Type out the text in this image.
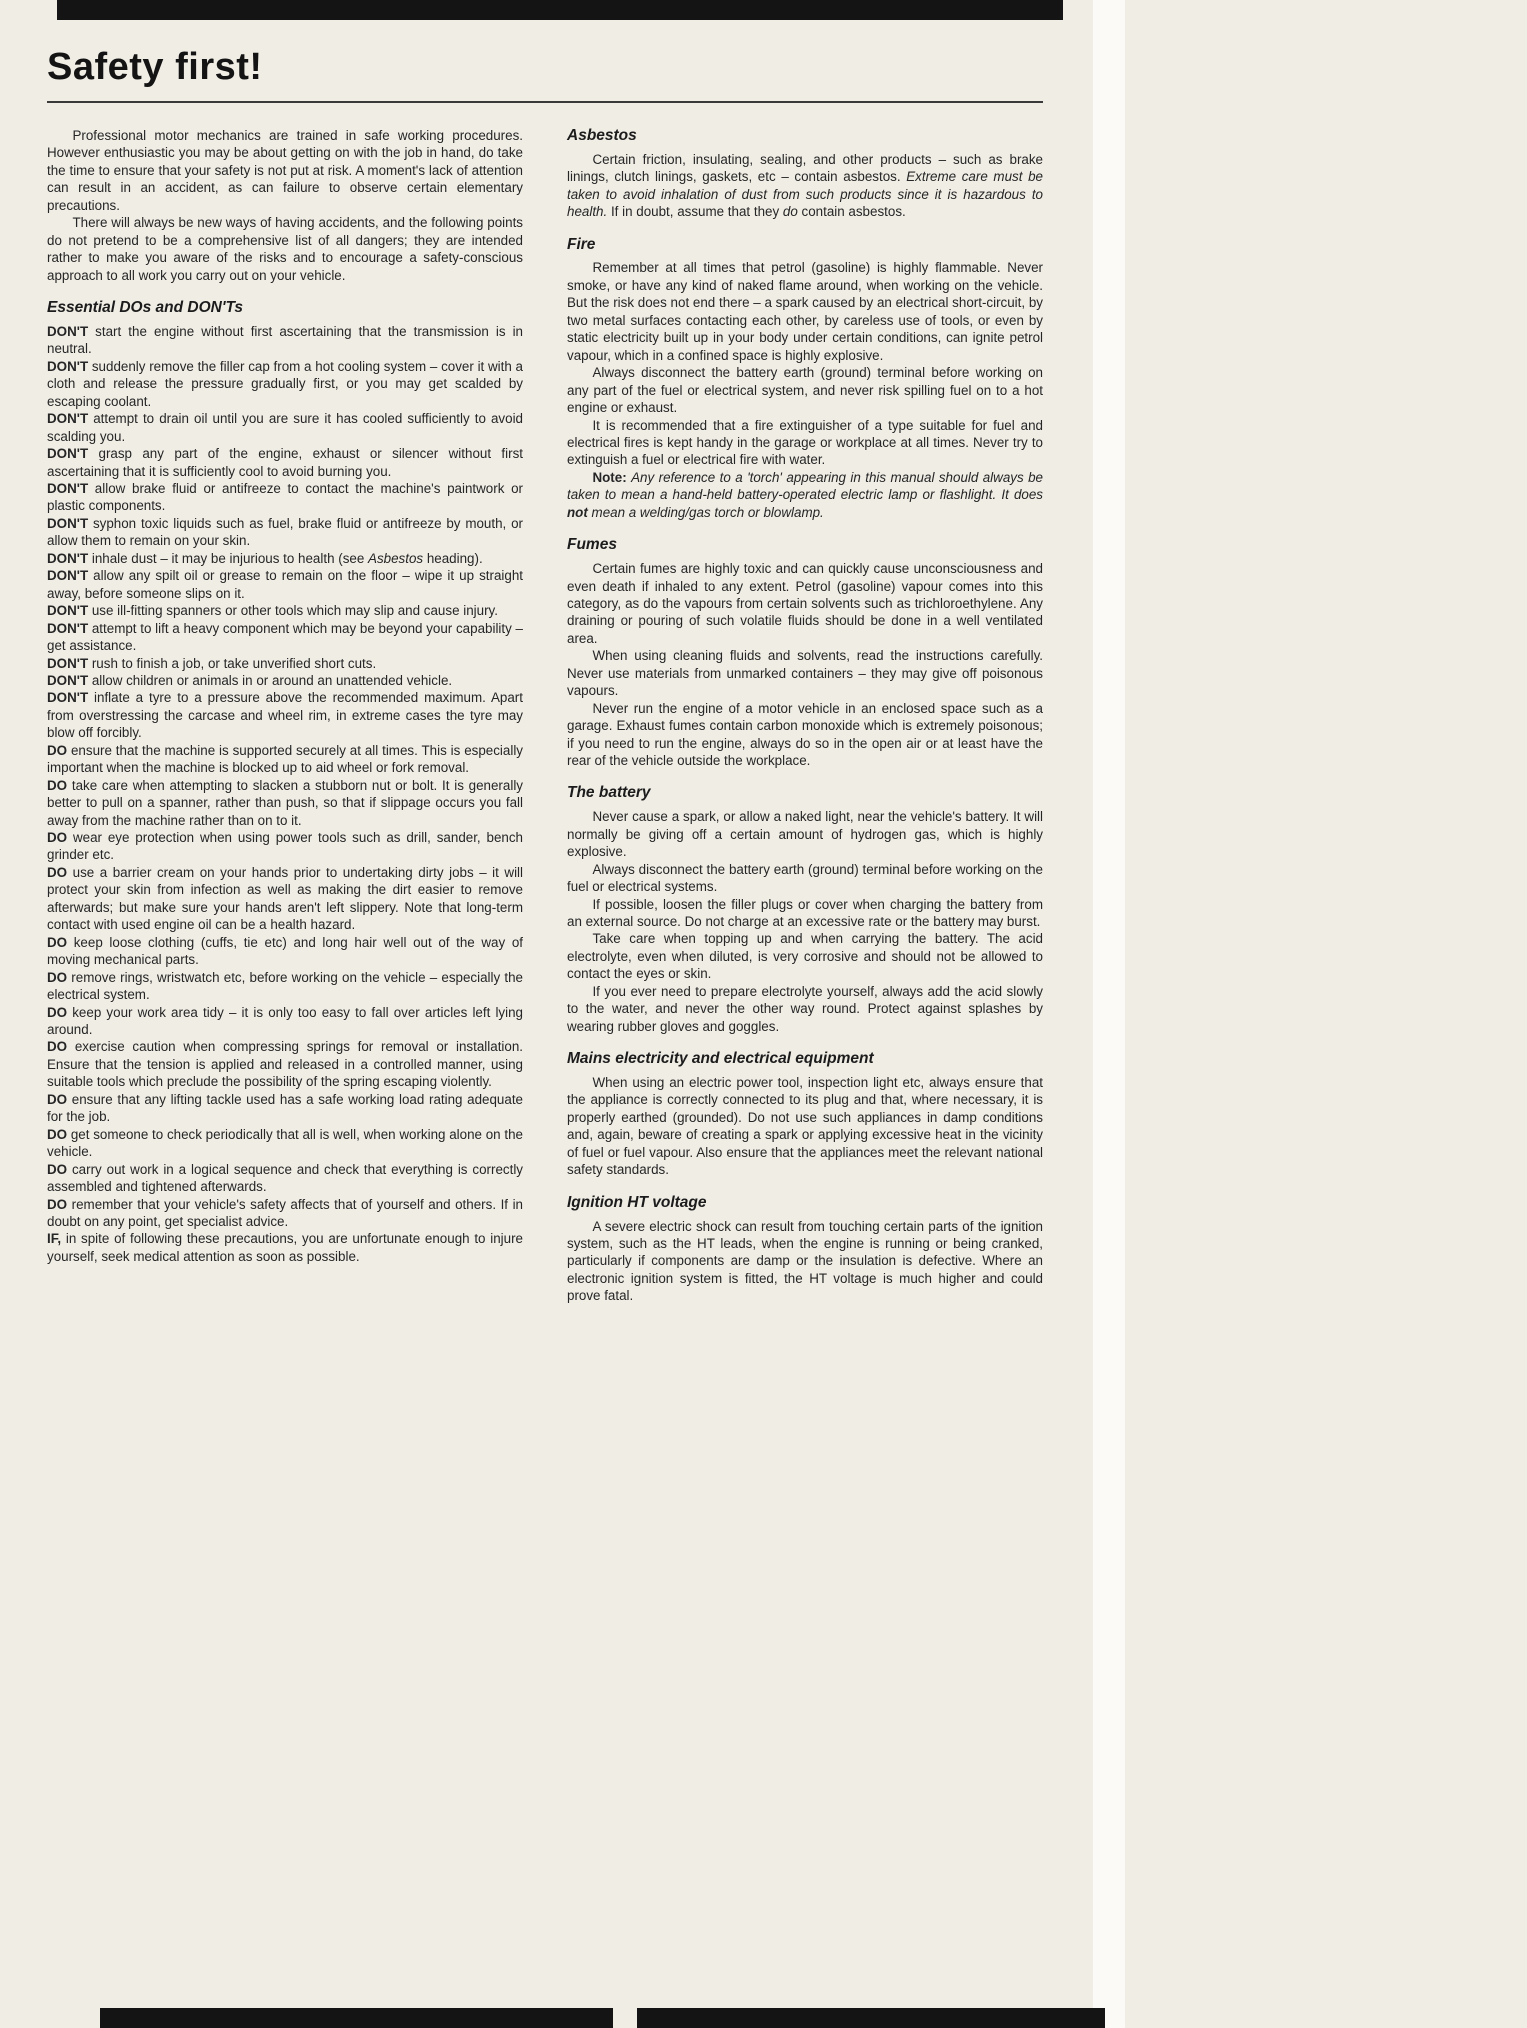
Safety first!

Professional motor mechanics are trained in safe working procedures. However enthusiastic you may be about getting on with the job in hand, do take the time to ensure that your safety is not put at risk. A moment's lack of attention can result in an accident, as can failure to observe certain elementary precautions.

There will always be new ways of having accidents, and the following points do not pretend to be a comprehensive list of all dangers; they are intended rather to make you aware of the risks and to encourage a safety-conscious approach to all work you carry out on your vehicle.

Essential DOs and DON'Ts

DON'T start the engine without first ascertaining that the transmission is in neutral.

DON'T suddenly remove the filler cap from a hot cooling system – cover it with a cloth and release the pressure gradually first, or you may get scalded by escaping coolant.

DON'T attempt to drain oil until you are sure it has cooled sufficiently to avoid scalding you.

DON'T grasp any part of the engine, exhaust or silencer without first ascertaining that it is sufficiently cool to avoid burning you.

DON'T allow brake fluid or antifreeze to contact the machine's paintwork or plastic components.

DON'T syphon toxic liquids such as fuel, brake fluid or antifreeze by mouth, or allow them to remain on your skin.

DON'T inhale dust – it may be injurious to health (see Asbestos heading).

DON'T allow any spilt oil or grease to remain on the floor – wipe it up straight away, before someone slips on it.

DON'T use ill-fitting spanners or other tools which may slip and cause injury.

DON'T attempt to lift a heavy component which may be beyond your capability – get assistance.

DON'T rush to finish a job, or take unverified short cuts.

DON'T allow children or animals in or around an unattended vehicle.

DON'T inflate a tyre to a pressure above the recommended maximum. Apart from overstressing the carcase and wheel rim, in extreme cases the tyre may blow off forcibly.

DO ensure that the machine is supported securely at all times. This is especially important when the machine is blocked up to aid wheel or fork removal.

DO take care when attempting to slacken a stubborn nut or bolt. It is generally better to pull on a spanner, rather than push, so that if slippage occurs you fall away from the machine rather than on to it.

DO wear eye protection when using power tools such as drill, sander, bench grinder etc.

DO use a barrier cream on your hands prior to undertaking dirty jobs – it will protect your skin from infection as well as making the dirt easier to remove afterwards; but make sure your hands aren't left slippery. Note that long-term contact with used engine oil can be a health hazard.

DO keep loose clothing (cuffs, tie etc) and long hair well out of the way of moving mechanical parts.

DO remove rings, wristwatch etc, before working on the vehicle – especially the electrical system.

DO keep your work area tidy – it is only too easy to fall over articles left lying around.

DO exercise caution when compressing springs for removal or installation. Ensure that the tension is applied and released in a controlled manner, using suitable tools which preclude the possibility of the spring escaping violently.

DO ensure that any lifting tackle used has a safe working load rating adequate for the job.

DO get someone to check periodically that all is well, when working alone on the vehicle.

DO carry out work in a logical sequence and check that everything is correctly assembled and tightened afterwards.

DO remember that your vehicle's safety affects that of yourself and others. If in doubt on any point, get specialist advice.

IF, in spite of following these precautions, you are unfortunate enough to injure yourself, seek medical attention as soon as possible.

Asbestos

Certain friction, insulating, sealing, and other products – such as brake linings, clutch linings, gaskets, etc – contain asbestos. Extreme care must be taken to avoid inhalation of dust from such products since it is hazardous to health. If in doubt, assume that they do contain asbestos.

Fire

Remember at all times that petrol (gasoline) is highly flammable. Never smoke, or have any kind of naked flame around, when working on the vehicle. But the risk does not end there – a spark caused by an electrical short-circuit, by two metal surfaces contacting each other, by careless use of tools, or even by static electricity built up in your body under certain conditions, can ignite petrol vapour, which in a confined space is highly explosive.

Always disconnect the battery earth (ground) terminal before working on any part of the fuel or electrical system, and never risk spilling fuel on to a hot engine or exhaust.

It is recommended that a fire extinguisher of a type suitable for fuel and electrical fires is kept handy in the garage or workplace at all times. Never try to extinguish a fuel or electrical fire with water.

Note: Any reference to a 'torch' appearing in this manual should always be taken to mean a hand-held battery-operated electric lamp or flashlight. It does not mean a welding/gas torch or blowlamp.

Fumes

Certain fumes are highly toxic and can quickly cause unconsciousness and even death if inhaled to any extent. Petrol (gasoline) vapour comes into this category, as do the vapours from certain solvents such as trichloroethylene. Any draining or pouring of such volatile fluids should be done in a well ventilated area.

When using cleaning fluids and solvents, read the instructions carefully. Never use materials from unmarked containers – they may give off poisonous vapours.

Never run the engine of a motor vehicle in an enclosed space such as a garage. Exhaust fumes contain carbon monoxide which is extremely poisonous; if you need to run the engine, always do so in the open air or at least have the rear of the vehicle outside the workplace.

The battery

Never cause a spark, or allow a naked light, near the vehicle's battery. It will normally be giving off a certain amount of hydrogen gas, which is highly explosive.

Always disconnect the battery earth (ground) terminal before working on the fuel or electrical systems.

If possible, loosen the filler plugs or cover when charging the battery from an external source. Do not charge at an excessive rate or the battery may burst.

Take care when topping up and when carrying the battery. The acid electrolyte, even when diluted, is very corrosive and should not be allowed to contact the eyes or skin.

If you ever need to prepare electrolyte yourself, always add the acid slowly to the water, and never the other way round. Protect against splashes by wearing rubber gloves and goggles.

Mains electricity and electrical equipment

When using an electric power tool, inspection light etc, always ensure that the appliance is correctly connected to its plug and that, where necessary, it is properly earthed (grounded). Do not use such appliances in damp conditions and, again, beware of creating a spark or applying excessive heat in the vicinity of fuel or fuel vapour. Also ensure that the appliances meet the relevant national safety standards.

Ignition HT voltage

A severe electric shock can result from touching certain parts of the ignition system, such as the HT leads, when the engine is running or being cranked, particularly if components are damp or the insulation is defective. Where an electronic ignition system is fitted, the HT voltage is much higher and could prove fatal.
